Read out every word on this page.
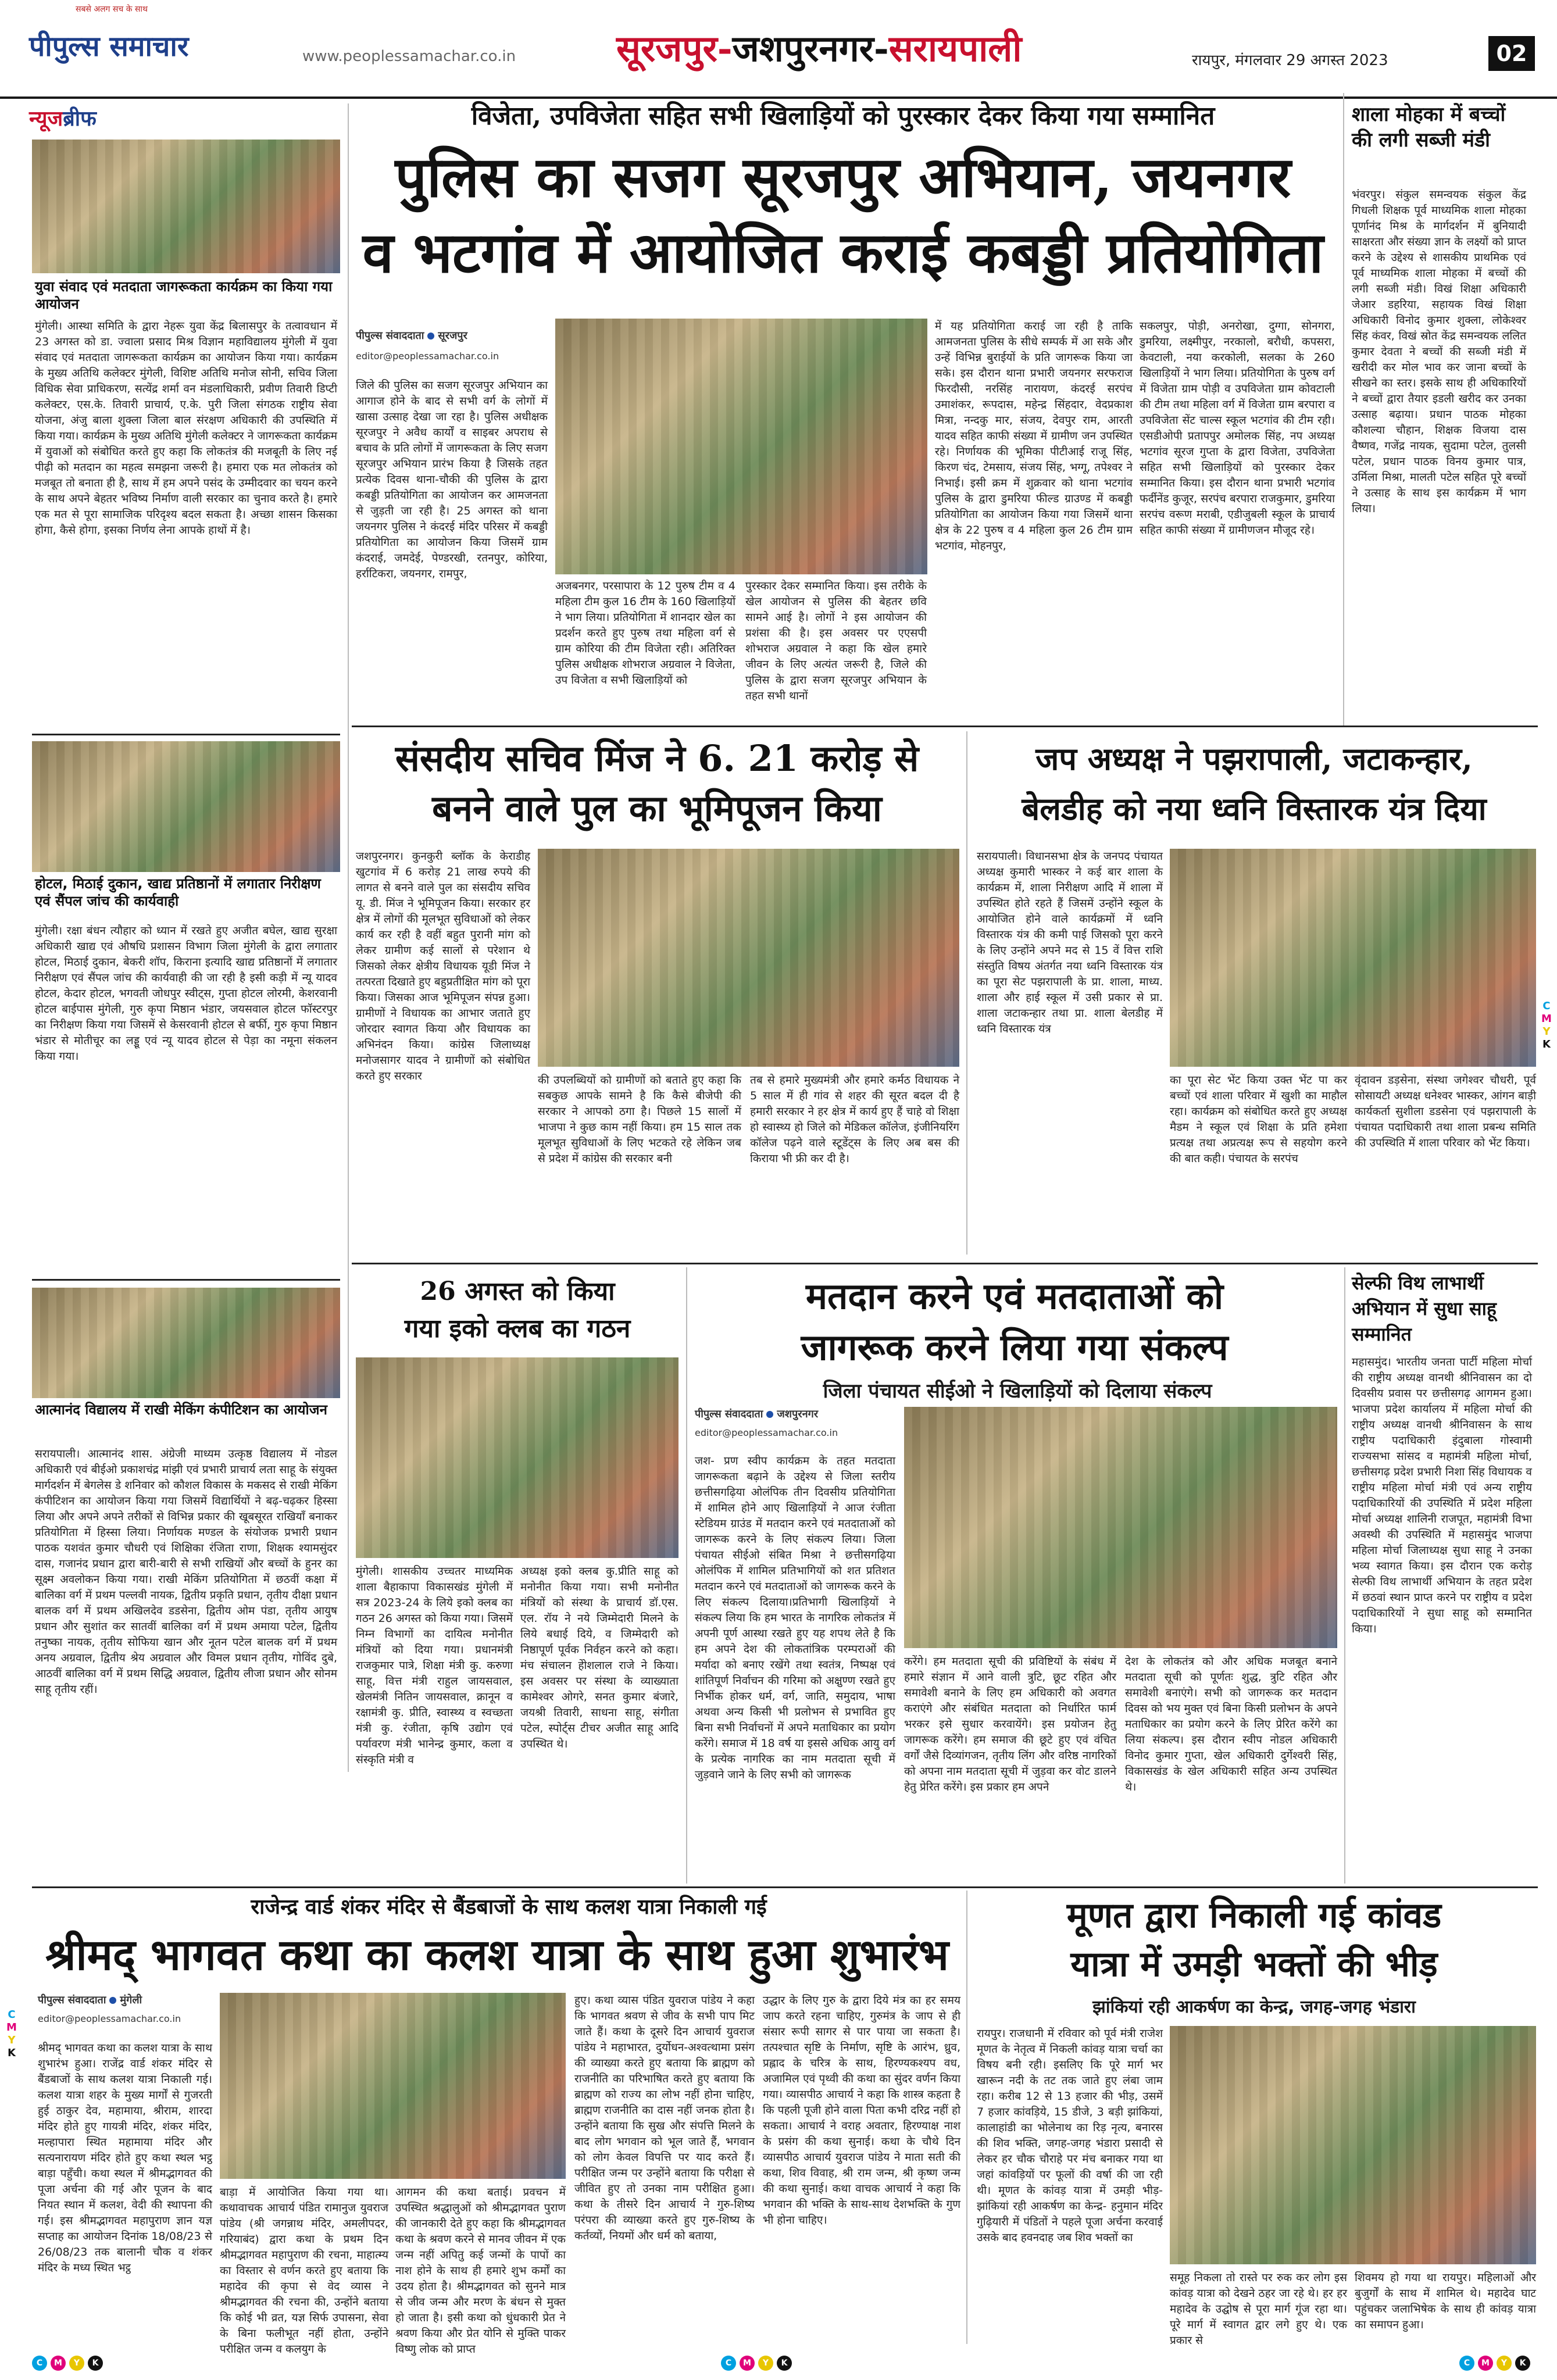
पीपुल्स समाचार
सबसे अलग सच के साथ
www.peoplessamachar.co.in	सूरजपुर-जशपुरनगर-सरायपाली	रायपुर, मंगलवार 29 अगस्त 2023	02
न्यूजब्रीफ
युवा संवाद एवं मतदाता जागरूकता कार्यक्रम का किया गया आयोजन
मुंगेली। आस्था समिति के द्वारा नेहरू युवा केंद्र बिलासपुर के तत्वावधान में 23 अगस्त को डा. ज्वाला प्रसाद मिश्र विज्ञान महाविद्यालय मुंगेली में युवा संवाद एवं मतदाता जागरूकता कार्यक्रम का आयोजन किया गया। कार्यक्रम के मुख्य अतिथि कलेक्टर मुंगेली, विशिष्ट अतिथि मनोज सोनी, सचिव जिला विधिक सेवा प्राधिकरण, सत्येंद्र शर्मा वन मंडलाधिकारी, प्रवीण तिवारी डिप्टी कलेक्टर, एस.के. तिवारी प्राचार्य, ए.के. पुरी जिला संगठक राष्ट्रीय सेवा योजना, अंजु बाला शुक्ला जिला बाल संरक्षण अधिकारी की उपस्थिति में किया गया। कार्यक्रम के मुख्य अतिथि मुंगेली कलेक्टर ने जागरूकता कार्यक्रम में युवाओं को संबोधित करते हुए कहा कि लोकतंत्र की मजबूती के लिए नई पीढ़ी को मतदान का महत्व समझना जरूरी है। हमारा एक मत लोकतंत्र को मजबूत तो बनाता ही है, साथ में हम अपने पसंद के उम्मीदवार का चयन करने के साथ अपने बेहतर भविष्य निर्माण वाली सरकार का चुनाव करते है। हमारे एक मत से पूरा सामाजिक परिदृश्य बदल सकता है। अच्छा शासन किसका होगा, कैसे होगा, इसका निर्णय लेना आपके हाथों में है।
होटल, मिठाई दुकान, खाद्य प्रतिष्ठानों में लगातार निरीक्षण एवं सैंपल जांच की कार्यवाही
मुंगेली। रक्षा बंधन त्यौहार को ध्यान में रखते हुए अजीत बघेल, खाद्य सुरक्षा अधिकारी खाद्य एवं औषधि प्रशासन विभाग जिला मुंगेली के द्वारा लगातार होटल, मिठाई दुकान, बेकरी शॉप, किराना इत्यादि खाद्य प्रतिष्ठानों में लगातार निरीक्षण एवं सैंपल जांच की कार्यवाही की जा रही है इसी कड़ी में न्यू यादव होटल, केदार होटल, भगवती जोधपुर स्वीट्स, गुप्ता होटल लोरमी, केशरवानी होटल बाईपास मुंगेली, गुरु कृपा मिष्ठान भंडार, जयसवाल होटल फॉस्टरपुर का निरीक्षण किया गया जिसमें से केसरवानी होटल से बर्फी, गुरु कृपा मिष्ठान भंडार से मोतीचूर का लड्डू एवं न्यू यादव होटल से पेड़ा का नमूना संकलन किया गया।
आत्मानंद विद्यालय में राखी मेकिंग कंपीटिशन का आयोजन
सरायपाली। आत्मानंद शास. अंग्रेजी माध्यम उत्कृष्ठ विद्यालय में नोडल अधिकारी एवं बीईओ प्रकाशचंद्र मांझी एवं प्रभारी प्राचार्य लता साहू के संयुक्त मार्गदर्शन में बेगलेस डे शनिवार को कौशल विकास के मकसद से राखी मेकिंग कंपीटिशन का आयोजन किया गया जिसमें विद्यार्थियों ने बढ़-चढ़कर हिस्सा लिया और अपने अपने तरीकों से विभिन्न प्रकार की खूबसूरत राखियाँ बनाकर प्रतियोगिता में हिस्सा लिया। निर्णायक मण्डल के संयोजक प्रभारी प्रधान पाठक यशवंत कुमार चौधरी एवं शिक्षिका रंजिता राणा, शिक्षक श्यामसुंदर दास, गजानंद प्रधान द्वारा बारी-बारी से सभी राखियों और बच्चों के हुनर का सूक्ष्म अवलोकन किया गया। राखी मेकिंग प्रतियोगिता में छठवीं कक्षा में बालिका वर्ग में प्रथम पल्लवी नायक, द्वितीय प्रकृति प्रधान, तृतीय दीक्षा प्रधान बालक वर्ग में प्रथम अखिलदेव डडसेना, द्वितीय ओम पंडा, तृतीय आयुष प्रधान और सुशांत कर सातवीं बालिका वर्ग में प्रथम अमाया पटेल, द्वितीय तनुष्का नायक, तृतीय सोफिया खान और नूतन पटेल बालक वर्ग में प्रथम अनय अग्रवाल, द्वितीय श्रेय अग्रवाल और विमल प्रधान तृतीय, गोविंद दुबे, आठवीं बालिका वर्ग में प्रथम सिद्धि अग्रवाल, द्वितीय लीजा प्रधान और सोनम साहू तृतीय रहीं।
विजेता, उपविजेता सहित सभी खिलाड़ियों को पुरस्कार देकर किया गया सम्मानित
पुलिस का सजग सूरजपुर अभियान, जयनगर
व भटगांव में आयोजित कराई कबड्डी प्रतियोगिता
पीपुल्स संवाददाता सूरजपुर
editor@peoplessamachar.co.in
जिले की पुलिस का सजग सूरजपुर अभियान का आगाज होने के बाद से सभी वर्ग के लोगों में खासा उत्साह देखा जा रहा है। पुलिस अधीक्षक सूरजपुर ने अवैध कार्यों व साइबर अपराध से बचाव के प्रति लोगों में जागरूकता के लिए सजग सूरजपुर अभियान प्रारंभ किया है जिसके तहत प्रत्येक दिवस थाना-चौकी की पुलिस के द्वारा कबड्डी प्रतियोगिता का आयोजन कर आमजनता से जुड़ती जा रही है। 25 अगस्त को थाना जयनगर पुलिस ने कंदरई मंदिर परिसर में कबड्डी प्रतियोगिता का आयोजन किया जिसमें ग्राम कंदराई, जमदेई, पेण्डरखी, रतनपुर, कोरिया, हर्राटिकरा, जयनगर, रामपुर,
अजबनगर, परसापारा के 12 पुरुष टीम व 4 महिला टीम कुल 16 टीम के 160 खिलाड़ियों ने भाग लिया। प्रतियोगिता में शानदार खेल का प्रदर्शन करते हुए पुरुष तथा महिला वर्ग से ग्राम कोरिया की टीम विजेता रही। अतिरिक्त पुलिस अधीक्षक शोभराज अग्रवाल ने विजेता, उप विजेता व सभी खिलाड़ियों को
पुरस्कार देकर सम्मानित किया। इस तरीके के खेल आयोजन से पुलिस की बेहतर छवि सामने आई है। लोगों ने इस आयोजन की प्रशंसा की है। इस अवसर पर एएसपी शोभराज अग्रवाल ने कहा कि खेल हमारे जीवन के लिए अत्यंत जरूरी है, जिले की पुलिस के द्वारा सजग सूरजपुर अभियान के तहत सभी थानों
में यह प्रतियोगिता कराई जा रही है ताकि आमजनता पुलिस के सीधे सम्पर्क में आ सके और उन्हें विभिन्न बुराईयों के प्रति जागरूक किया जा सके। इस दौरान थाना प्रभारी जयनगर सरफराज फिरदौसी, नरसिंह नारायण, कंदरई सरपंच उमाशंकर, रूपदास, महेन्द्र सिंहदार, वेदप्रकाश मित्रा, नन्दकु मार, संजय, देवपुर राम, आरती यादव सहित काफी संख्या में ग्रामीण जन उपस्थित रहे। निर्णायक की भूमिका पीटीआई राजू सिंह, किरण चंद, टेमसाय, संजय सिंह, भग्गू, तपेश्वर ने निभाई। इसी क्रम में शुक्रवार को थाना भटगांव पुलिस के द्वारा डुमरिया फील्ड ग्राउण्ड में कबड्डी प्रतियोगिता का आयोजन किया गया जिसमें थाना क्षेत्र के 22 पुरुष व 4 महिला कुल 26 टीम ग्राम भटगांव, मोहनपुर,
सकलपुर, पोड़ी, अनरोखा, दुग्गा, सोनगरा, डुमरिया, लक्ष्मीपुर, नरकालो, बरौधी, कपसरा, केवटाली, नया करकोली, सलका के 260 खिलाड़ियों ने भाग लिया। प्रतियोगिता के पुरुष वर्ग में विजेता ग्राम पोड़ी व उपविजेता ग्राम कोवटाली की टीम तथा महिला वर्ग में विजेता ग्राम बरपारा व उपविजेता सेंट चाल्स स्कूल भटगांव की टीम रही। एसडीओपी प्रतापपुर अमोलक सिंह, नप अध्यक्ष भटगांव सूरज गुप्ता के द्वारा विजेता, उपविजेता सहित सभी खिलाड़ियों को पुरस्कार देकर सम्मानित किया। इस दौरान थाना प्रभारी भटगांव फर्दीनेंड कुजूर, सरपंच बरपारा राजकुमार, डुमरिया सरपंच वरूण मराबी, एडीजुबली स्कूल के प्राचार्य सहित काफी संख्या में ग्रामीणजन मौजूद रहे।
शाला मोहका में बच्चों की लगी सब्जी मंडी
भंवरपुर। संकुल समन्वयक संकुल केंद्र गिधली शिक्षक पूर्व माध्यमिक शाला मोहका पूर्णानंद मिश्र के मार्गदर्शन में बुनियादी साक्षरता और संख्या ज्ञान के लक्ष्यों को प्राप्त करने के उद्देश्य से शासकीय प्राथमिक एवं पूर्व माध्यमिक शाला मोहका में बच्चों की लगी सब्जी मंडी। विखं शिक्षा अधिकारी जेआर डहरिया, सहायक विखं शिक्षा अधिकारी विनोद कुमार शुक्ला, लोकेश्वर सिंह कंवर, विखं स्रोत केंद्र समन्वयक ललित कुमार देवता ने बच्चों की सब्जी मंडी में खरीदी कर मोल भाव कर जाना बच्चों के सीखने का स्तर। इसके साथ ही अधिकारियों ने बच्चों द्वारा तैयार इडली खरीद कर उनका उत्साह बढ़ाया। प्रधान पाठक मोहका कौशल्या चौहान, शिक्षक विजया दास वैष्णव, गजेंद्र नायक, सुदामा पटेल, तुलसी पटेल, प्रधान पाठक विनय कुमार पात्र, उर्मिला मिश्रा, मालती पटेल सहित पूरे बच्चों ने उत्साह के साथ इस कार्यक्रम में भाग लिया।
संसदीय सचिव मिंज ने 6. 21 करोड़ से
बनने वाले पुल का भूमिपूजन किया
जशपुरनगर। कुनकुरी ब्लॉक के केराडीह खुटगांव में 6 करोड़ 21 लाख रुपये की लागत से बनने वाले पुल का संसदीय सचिव यू. डी. मिंज ने भूमिपूजन किया। सरकार हर क्षेत्र में लोगों की मूलभूत सुविधाओं को लेकर कार्य कर रही है वहीं बहुत पुरानी मांग को लेकर ग्रामीण कई सालों से परेशान थे जिसको लेकर क्षेत्रीय विधायक यूडी मिंज ने तत्परता दिखाते हुए बहुप्रतीक्षित मांग को पूरा किया। जिसका आज भूमिपूजन संपन्न हुआ। ग्रामीणों ने विधायक का आभार जताते हुए जोरदार स्वागत किया और विधायक का अभिनंदन किया। कांग्रेस जिलाध्यक्ष मनोजसागर यादव ने ग्रामीणों को संबोधित करते हुए सरकार	की उपलब्धियों को ग्रामीणों को बताते हुए कहा कि सबकुछ आपके सामने है कि कैसे बीजेपी की सरकार ने आपको ठगा है। पिछले 15 सालों में भाजपा ने कुछ काम नहीं किया। हम 15 साल तक मूलभूत सुविधाओं के लिए भटकते रहे लेकिन जब से प्रदेश में कांग्रेस की सरकार बनी
तब से हमारे मुख्यमंत्री और हमारे कर्मठ विधायक ने 5 साल में ही गांव से शहर की सूरत बदल दी है हमारी सरकार ने हर क्षेत्र में कार्य हुए हैं चाहे वो शिक्षा हो स्वास्थ्य हो जिले को मेडिकल कॉलेज, इंजीनियरिंग कॉलेज पढ़ने वाले स्टूडेंट्स के लिए अब बस की किराया भी फ्री कर दी है।
जप अध्यक्ष ने पझरापाली, जटाकन्हार,
बेलडीह को नया ध्वनि विस्तारक यंत्र दिया
सरायपाली। विधानसभा क्षेत्र के जनपद पंचायत अध्यक्ष कुमारी भास्कर ने कई बार शाला के कार्यक्रम में, शाला निरीक्षण आदि में शाला में उपस्थित होते रहते हैं जिसमें उन्होंने स्कूल के आयोजित होने वाले कार्यक्रमों में ध्वनि विस्तारक यंत्र की कमी पाई जिसको पूरा करने के लिए उन्होंने अपने मद से 15 वें वित्त राशि संस्तुति विषय अंतर्गत नया ध्वनि विस्तारक यंत्र का पूरा सेट पझरापाली के प्रा. शाला, माध्य. शाला और हाई स्कूल में उसी प्रकार से प्रा. शाला जटाकन्हार तथा प्रा. शाला बेलडीह में ध्वनि विस्तारक यंत्र
का पूरा सेट भेंट किया उक्त भेंट पा कर बच्चों एवं शाला परिवार में खुशी का माहौल रहा। कार्यक्रम को संबोधित करते हुए अध्यक्ष मैडम ने स्कूल एवं शिक्षा के प्रति हमेशा प्रत्यक्ष तथा अप्रत्यक्ष रूप से सहयोग करने की बात कही। पंचायत के सरपंच
वृंदावन डड़सेना, संस्था जगेश्वर चौधरी, पूर्व सोसायटी अध्यक्ष धनेश्वर भास्कर, आंगन बाड़ी कार्यकर्ता सुशीला डडसेना एवं पझरापाली के पंचायत पदाधिकारी तथा शाला प्रबन्ध समिति की उपस्थिति में शाला परिवार को भेंट किया।
C
M
Y
K
26 अगस्त को किया
गया इको क्लब का गठन
मुंगेली। शासकीय उच्चतर माध्यमिक शाला बैहाकापा विकासखंड मुंगेली में सत्र 2023-24 के लिये इको क्लब का गठन 26 अगस्त को किया गया। जिसमें निम्न विभागों का दायित्व मनोनीत मंत्रियों को दिया गया। प्रधानमंत्री राजकुमार पात्रे, शिक्षा मंत्री कु. करुणा साहू, वित्त मंत्री राहुल जायसवाल, खेलमंत्री नितिन जायसवाल, क्रानून व रक्षामंत्री कु. प्रीति, स्वास्थ्य व स्वच्छता मंत्री कु. रंजीता, कृषि उद्योग एवं पर्यावरण मंत्री भानेन्द्र कुमार, कला व संस्कृति मंत्री व
अध्यक्ष इको क्लब कु.प्रीति साहू को मनोनीत किया गया। सभी मनोनीत मंत्रियों को संस्था के प्राचार्य डॉ.एस. एल. रॉय ने नये जिम्मेदारी मिलने के लिये बधाई दिये, व जिम्मेदारी को निष्ठापूर्ण पूर्वक निर्वहन करने को कहा। मंच संचालन हेोशलाल राजे ने किया। इस अवसर पर संस्था के व्याख्याता कामेश्वर ओगरे, सनत कुमार बंजारे, जयश्री तिवारी, साधना साहू, संगीता पटेल, स्पोर्ट्स टीचर अजीत साहू आदि उपस्थित थे।
मतदान करने एवं मतदाताओं को
जागरूक करने लिया गया संकल्प
जिला पंचायत सीईओ ने खिलाड़ियों को दिलाया संकल्प
पीपुल्स संवाददाता जशपुरनगर
editor@peoplessamachar.co.in
जश- प्रण स्वीप कार्यक्रम के तहत मतदाता जागरूकता बढ़ाने के उद्देश्य से जिला स्तरीय छत्तीसगढ़िया ओलंपिक तीन दिवसीय प्रतियोगिता में शामिल होने आए खिलाड़ियों ने आज रंजीता स्टेडियम ग्राउंड में मतदान करने एवं मतदाताओं को जागरूक करने के लिए संकल्प लिया। जिला पंचायत सीईओ संबित मिश्रा ने छत्तीसगढ़िया ओलंपिक में शामिल प्रतिभागियों को शत प्रतिशत मतदान करने एवं मतदाताओं को जागरूक करने के लिए संकल्प दिलाया।प्रतिभागी खिलाड़ियों ने संकल्प लिया कि हम भारत के नागरिक लोकतंत्र में अपनी पूर्ण आस्था रखते हुए यह शपथ लेते है कि हम अपने देश की लोकतांत्रिक परम्पराओं की मर्यादा को बनाए रखेंगे तथा स्वतंत्र, निष्पक्ष एवं शांतिपूर्ण निर्वाचन की गरिमा को अक्षुण्ण रखते हुए निर्भीक होकर धर्म, वर्ग, जाति, समुदाय, भाषा अथवा अन्य किसी भी प्रलोभन से प्रभावित हुए बिना सभी निर्वाचनों में अपने मताधिकार का प्रयोग करेंगे। समाज में 18 वर्ष या इससे अधिक आयु वर्ग के प्रत्येक नागरिक का नाम मतदाता सूची में जुड़वाने जाने के लिए सभी को जागरूक
करेंगे। हम मतदाता सूची की प्रविष्टियों के संबंध में हमारे संज्ञान में आने वाली त्रुटि, छूट रहित और समावेशी बनाने के लिए हम अधिकारी को अवगत कराएंगे और संबंधित मतदाता को निर्धारित फार्म भरकर इसे सुधार करवायेंगे। इस प्रयोजन हेतु जागरूक करेंगे। हम समाज की छूटे हुए एवं वंचित वर्गों जैसे दिव्यांगजन, तृतीय लिंग और वरिष्ठ नागरिकों को अपना नाम मतदाता सूची में जुड़वा कर वोट डालने हेतु प्रेरित करेंगे। इस प्रकार हम अपने
देश के लोकतंत्र को और अधिक मजबूत बनाने मतदाता सूची को पूर्णतः शुद्ध, त्रुटि रहित और समावेशी बनाएंगे। सभी को जागरूक कर मतदान दिवस को भय मुक्त एवं बिना किसी प्रलोभन के अपने मताधिकार का प्रयोग करने के लिए प्रेरित करेंगे का लिया संकल्प। इस दौरान स्वीप नोडल अधिकारी विनोद कुमार गुप्ता, खेल अधिकारी दुर्गेश्वरी सिंह, विकासखंड के खेल अधिकारी सहित अन्य उपस्थित थे।
सेल्फी विथ लाभार्थी अभियान में सुधा साहू सम्मानित
महासमुंद। भारतीय जनता पार्टी महिला मोर्चा की राष्ट्रीय अध्यक्ष वानथी श्रीनिवासन का दो दिवसीय प्रवास पर छत्तीसगढ़ आगमन हुआ। भाजपा प्रदेश कार्यालय में महिला मोर्चा की राष्ट्रीय अध्यक्ष वानथी श्रीनिवासन के साथ राष्ट्रीय पदाधिकारी इंदुबाला गोस्वामी राज्यसभा सांसद व महामंत्री महिला मोर्चा, छत्तीसगढ़ प्रदेश प्रभारी निशा सिंह विधायक व राष्ट्रीय महिला मोर्चा मंत्री एवं अन्य राष्ट्रीय पदाधिकारियों की उपस्थिति में प्रदेश महिला मोर्चा अध्यक्ष शालिनी राजपूत, महामंत्री विभा अवस्थी की उपस्थिति में महासमुंद भाजपा महिला मोर्चा जिलाध्यक्ष सुधा साहू ने उनका भव्य स्वागत किया। इस दौरान एक करोड़ सेल्फी विथ लाभार्थी अभियान के तहत प्रदेश में छठवां स्थान प्राप्त करने पर राष्ट्रीय व प्रदेश पदाधिकारियों ने सुधा साहू को सम्मानित किया।
राजेन्द्र वार्ड शंकर मंदिर से बैंडबाजों के साथ कलश यात्रा निकाली गई
श्रीमद् भागवत कथा का कलश यात्रा के साथ हुआ शुभारंभ
पीपुल्स संवाददाता मुंगेली
editor@peoplessamachar.co.in
श्रीमद् भागवत कथा का कलश यात्रा के साथ शुभारंभ हुआ। राजेंद्र वार्ड शंकर मंदिर से बैंडबाजों के साथ कलश यात्रा निकाली गई। कलश यात्रा शहर के मुख्य मार्गों से गुजरती हुई ठाकुर देव, महामाया, श्रीराम, शारदा मंदिर होते हुए गायत्री मंदिर, शंकर मंदिर, मल्हापारा स्थित महामाया मंदिर और सत्यनारायण मंदिर होते हुए कथा स्थल भट्ठ बाड़ा पहुँची। कथा स्थल में श्रीमद्भागवत की पूजा अर्चना की गई और पूजन के बाद नियत स्थान में कलश, वेदी की स्थापना की गई। इस श्रीमद्भागवत महापुराण ज्ञान यज्ञ सप्ताह का आयोजन दिनांक 18/08/23 से 26/08/23 तक बालानी चौक व शंकर मंदिर के मध्य स्थित भट्ठ
बाड़ा में आयोजित किया गया था। कथावाचक आचार्य पंडित रामानुज युवराज पांडेय (श्री जगन्नाथ मंदिर, अमलीपदर, गरियाबंद) द्वारा कथा के प्रथम दिन श्रीमद्भागवत महापुराण की रचना, माहात्म्य का विस्तार से वर्णन करते हुए बताया कि महादेव की कृपा से वेद व्यास ने श्रीमद्भागवत की रचना की, उन्होंने बताया कि कोई भी व्रत, यज्ञ सिर्फ उपासना, सेवा के बिना फलीभूत नहीं होता, उन्होंने परीक्षित जन्म व कलयुग के
आगमन की कथा बताई। प्रवचन में उपस्थित श्रद्धालुओं को श्रीमद्भागवत पुराण की जानकारी देते हुए कहा कि श्रीमद्भागवत कथा के श्रवण करने से मानव जीवन में एक जन्म नहीं अपितु कई जन्मों के पापों का नाश होने के साथ ही हमारे शुभ कर्मों का उदय होता है। श्रीमद्भागवत को सुनने मात्र से जीव जन्म और मरण के बंधन से मुक्त हो जाता है। इसी कथा को धुंधकारी प्रेत ने श्रवण किया और प्रेत योनि से मुक्ति पाकर विष्णु लोक को प्राप्त
हुए। कथा व्यास पंडित युवराज पांडेय ने कहा कि भागवत श्रवण से जीव के सभी पाप मिट जाते हैं। कथा के दूसरे दिन आचार्य युवराज पांडेय ने महाभारत, दुर्योधन-अश्वत्थामा प्रसंग की व्याख्या करते हुए बताया कि ब्राह्मण को राजनीति का परिभाषित करते हुए बताया कि ब्राह्मण को राज्य का लोभ नहीं होना चाहिए, ब्राह्मण राजनीति का दास नहीं जनक होता है। उन्होंने बताया कि सुख और संपत्ति मिलने के बाद लोग भगवान को भूल जाते हैं, भगवान को लोग केवल विपत्ति पर याद करते हैं। परीक्षित जन्म पर उन्होंने बताया कि परीक्षा से जीवित हुए तो उनका नाम परीक्षित हुआ। कथा के तीसरे दिन आचार्य ने गुरु-शिष्य परंपरा की व्याख्या करते हुए गुरु-शिष्य के कर्तव्यों, नियमों और धर्म को बताया,
उद्धार के लिए गुरु के द्वारा दिये मंत्र का हर समय जाप करते रहना चाहिए, गुरुमंत्र के जाप से ही संसार रूपी सागर से पार पाया जा सकता है। तत्पश्चात सृष्टि के निर्माण, सृष्टि के आरंभ, ध्रुव, प्रह्लाद के चरित्र के साथ, हिरण्यकश्यप वध, अजामिल एवं पृथ्वी की कथा का सुंदर वर्णन किया गया। व्यासपीठ आचार्य ने कहा कि शास्त्र कहता है कि पहली पूजी होने वाला पिता कभी दरिद्र नहीं हो सकता। आचार्य ने वराह अवतार, हिरण्याक्ष नाश के प्रसंग की कथा सुनाई। कथा के चौथे दिन व्यासपीठ आचार्य युवराज पांडेय ने माता सती की कथा, शिव विवाह, श्री राम जन्म, श्री कृष्ण जन्म की कथा सुनाई। कथा वाचक आचार्य ने कहा कि भगवान की भक्ति के साथ-साथ देशभक्ति के गुण भी होना चाहिए।
C
M
Y
K
मूणत द्वारा निकाली गई कांवड
यात्रा में उमड़ी भक्तों की भीड़
झांकियां रही आकर्षण का केन्द्र, जगह-जगह भंडारा
रायपुर। राजधानी में रविवार को पूर्व मंत्री राजेश मूणत के नेतृत्व में निकली कांवड़ यात्रा चर्चा का विषय बनी रही। इसलिए कि पूरे मार्ग भर खारून नदी के तट तक जाते हुए लंबा जाम रहा। करीब 12 से 13 हजार की भीड़, उसमें 7 हजार कांवड़िये, 15 डीजे, 3 बड़ी झांकियां, कालाहांडी का भोलेनाथ का रिड़ नृत्य, बनारस की शिव भक्ति, जगह-जगह भंडारा प्रसादी से लेकर हर चौक चौराहे पर मंच बनाकर गया था जहां कांवड़ियों पर फूलों की वर्षा की जा रही थी। मूणत के कांवड़ यात्रा में उमड़ी भीड़-झांकियां रही आकर्षण का केन्द्र- हनुमान मंदिर गुढ़ियारी में पंडितों ने पहले पूजा अर्चना करवाई उसके बाद हवनदाह जब शिव भक्तों का
समूह निकला तो रास्ते पर रुक कर लोग इस कांवड़ यात्रा को देखने ठहर जा रहे थे। हर हर महादेव के उद्घोष से पूरा मार्ग गूंज रहा था। पूरे मार्ग में स्वागत द्वार लगे हुए थे। एक प्रकार से
शिवमय हो गया था रायपुर। महिलाओं और बुजुर्गों के साथ में शामिल थे। महादेव घाट पहुंचकर जलाभिषेक के साथ ही कांवड़ यात्रा का समापन हुआ।
C	M	Y	K	C	M	Y	K	C	M	Y	K
